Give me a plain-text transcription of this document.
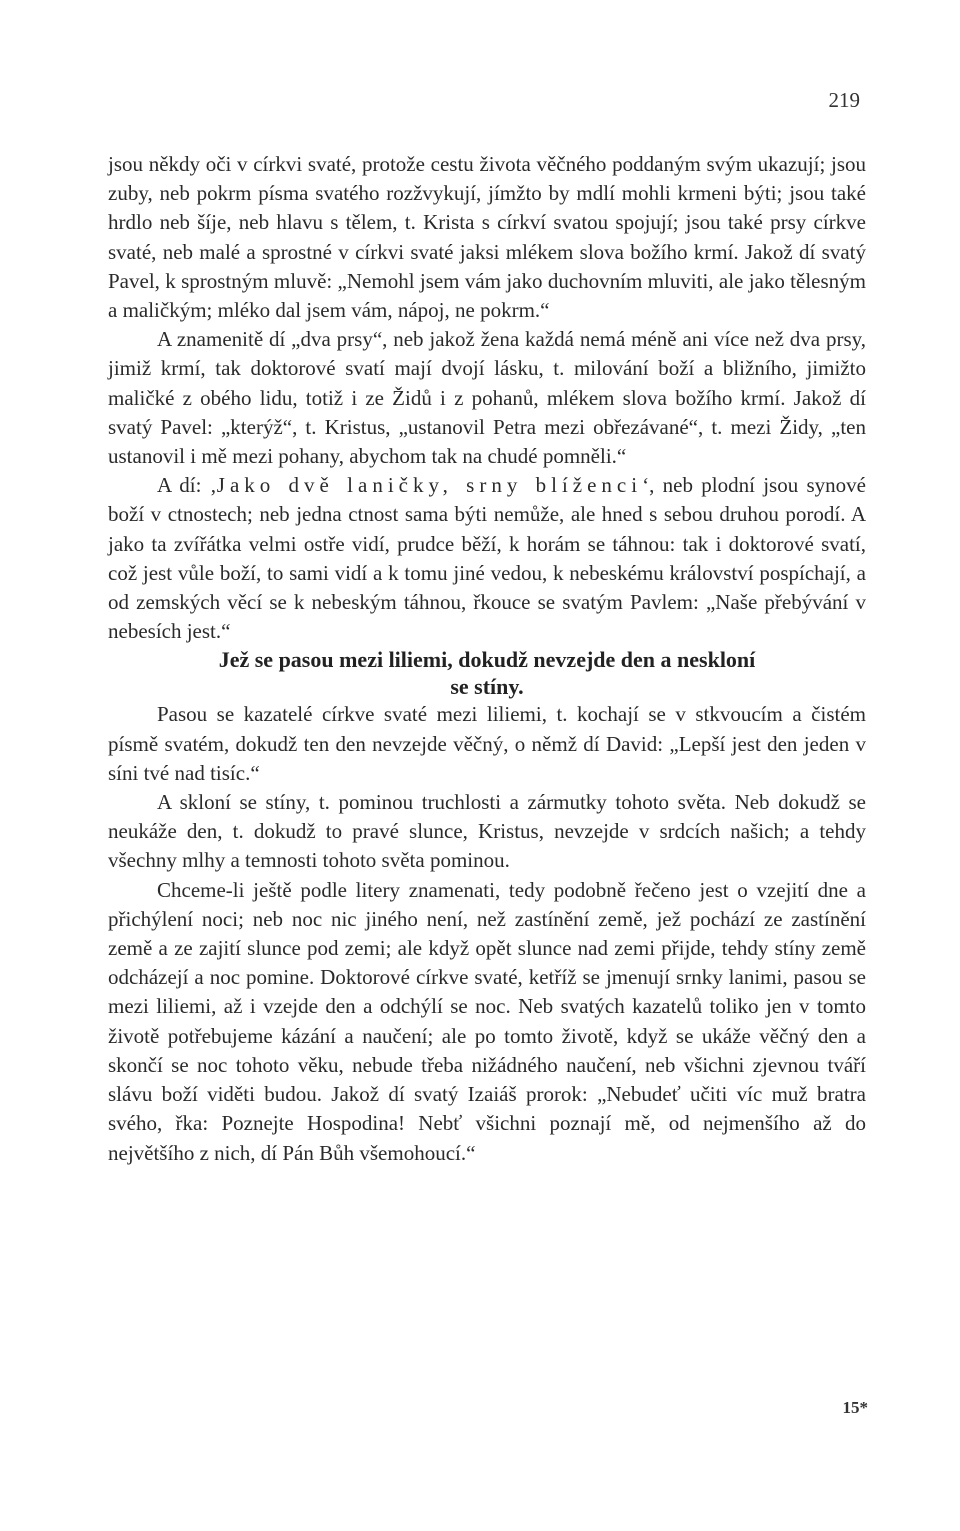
219

jsou někdy oči v církvi svaté, protože cestu života věčného poddaným svým ukazují; jsou zuby, neb pokrm písma svatého rozžvykují, jímžto by mdlí mohli krmeni býti; jsou také hrdlo neb šíje, neb hlavu s tělem, t. Krista s církví svatou spojují; jsou také prsy církve svaté, neb malé a sprostné v církvi svaté jaksi mlékem slova božího krmí. Jakož dí svatý Pavel, k sprostným mluvě: „Nemohl jsem vám jako duchovním mluviti, ale jako tělesným a maličkým; mléko dal jsem vám, nápoj, ne pokrm.“

A znamenitě dí „dva prsy“, neb jakož žena každá nemá méně ani více než dva prsy, jimiž krmí, tak doktorové svatí mají dvojí lásku, t. milování boží a bližního, jimižto maličké z obého lidu, totiž i ze Židů i z pohanů, mlékem slova božího krmí. Jakož dí svatý Pavel: „kterýž“, t. Kristus, „ustanovil Petra mezi obřezávané“, t. mezi Židy, „ten ustanovil i mě mezi pohany, abychom tak na chudé pomněli.“

A dí: ‚Jako dvě laničky, srny blíženci‘, neb plodní jsou synové boží v ctnostech; neb jedna ctnost sama býti nemůže, ale hned s sebou druhou porodí. A jako ta zvířátka velmi ostře vidí, prudce běží, k horám se táhnou: tak i doktorové svatí, což jest vůle boží, to sami vidí a k tomu jiné vedou, k nebeskému království pospíchají, a od zemských věcí se k nebeským táhnou, řkouce se svatým Pavlem: „Naše přebývání v nebesích jest.“

Jež se pasou mezi liliemi, dokudž nevzejde den a neskloní
se stíny.

Pasou se kazatelé církve svaté mezi liliemi, t. kochají se v stkvoucím a čistém písmě svatém, dokudž ten den nevzejde věčný, o němž dí David: „Lepší jest den jeden v síni tvé nad tisíc.“

A skloní se stíny, t. pominou truchlosti a zármutky tohoto světa. Neb dokudž se neukáže den, t. dokudž to pravé slunce, Kristus, nevzejde v srdcích našich; a tehdy všechny mlhy a temnosti tohoto světa pominou.

Chceme-li ještě podle litery znamenati, tedy podobně řečeno jest o vzejití dne a přichýlení noci; neb noc nic jiného není, než zastínění země, jež pochází ze zastínění země a ze zajití slunce pod zemi; ale když opět slunce nad zemi přijde, tehdy stíny země odcházejí a noc pomine. Doktorové církve svaté, ketříž se jmenují srnky lanimi, pasou se mezi liliemi, až i vzejde den a odchýlí se noc. Neb svatých kazatelů toliko jen v tomto životě potřebujeme kázání a naučení; ale po tomto životě, když se ukáže věčný den a skončí se noc tohoto věku, nebude třeba nižádného naučení, neb všichni zjevnou tváří slávu boží viděti budou. Jakož dí svatý Izaiáš prorok: „Nebudeť učiti víc muž bratra svého, řka: Poznejte Hospodina! Nebť všichni poznají mě, od nejmenšího až do největšího z nich, dí Pán Bůh všemohoucí.“

15*
